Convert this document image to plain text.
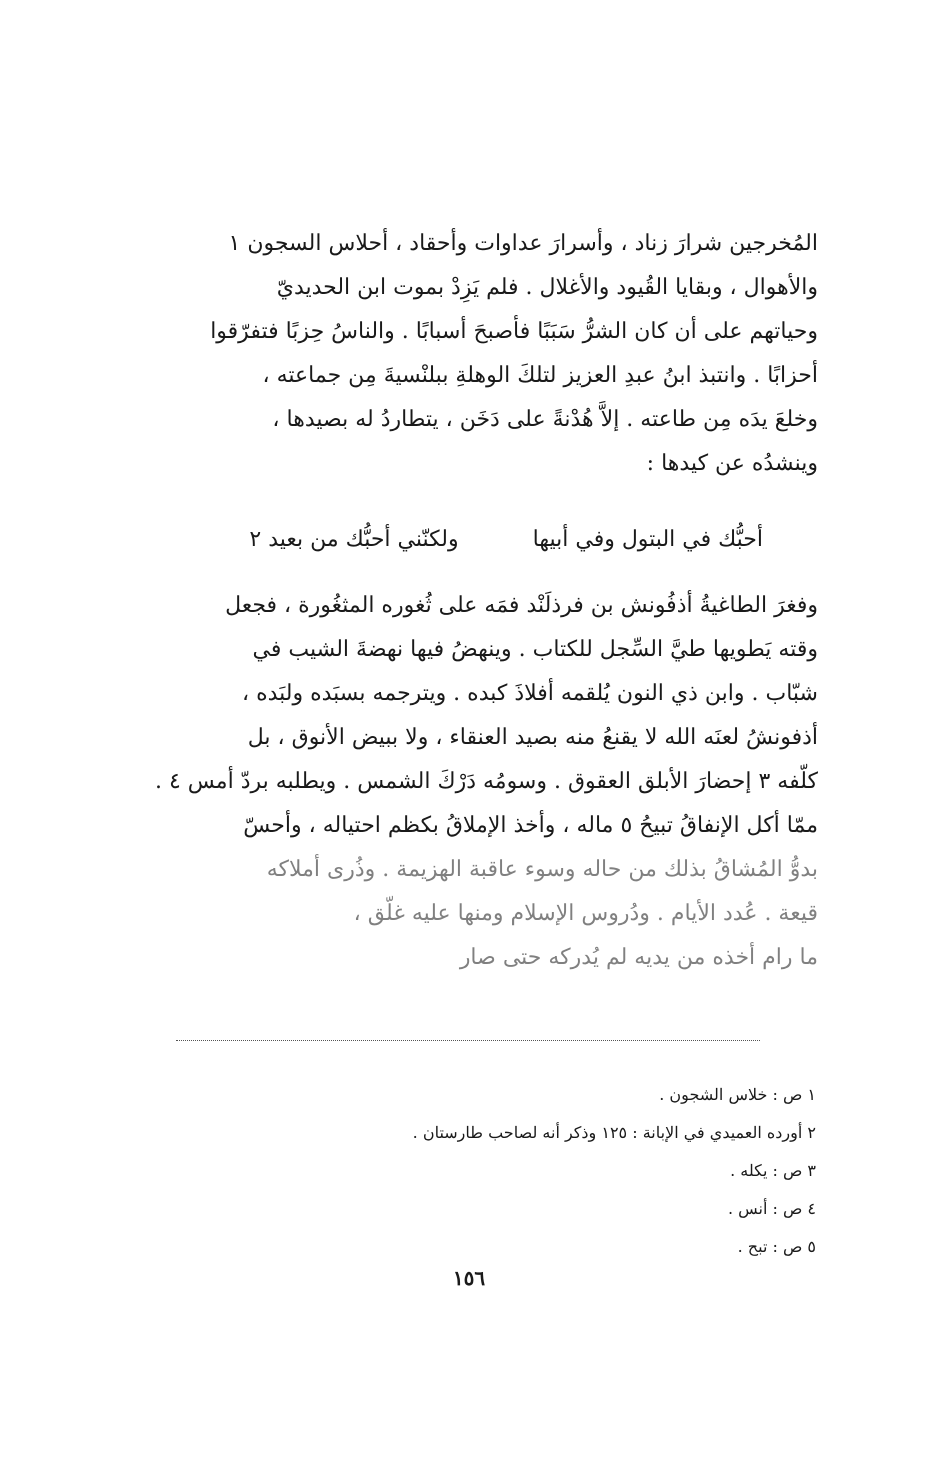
المُخرجين شرارَ زناد ، وأسرارَ عداوات وأحقاد ، أحلاس السجون ١
والأهوال ، وبقايا القُيود والأغلال . فلم يَزِدْ بموت ابن الحديديّ
وحياتهم على أن كان الشرُّ سَبَبًا فأصبحَ أسبابًا . والناسُ حِزبًا فتفرّقوا
أحزابًا . وانتبذ ابنُ عبدِ العزيز لتلكَ الوهلةِ ببلنْسيةَ مِن جماعته ،
وخلعَ يدَه مِن طاعته . إلاَّ هُدْنةً على دَخَن ، يتطاردُ له بصيدها ،
وينشدُه عن كيدها :
أحبُّك في البتول وفي أبيها  ولكنّني أحبُّك من بعيد ٢
وفغرَ الطاغيةُ أذفُونش بن فرذلَنْد فمَه على ثُغوره المثغُورة ، فجعل
وقته يَطويها طيَّ السِّجل للكتاب . وينهضُ فيها نهضةَ الشيب في
شبّاب . وابن ذي النون يُلقمه أفلاذَ كبده . ويترجمه بسبَده ولبَده ،
أذفونشُ لعنَه الله لا يقنعُ منه بصيد العنقاء ، ولا ببيض الأنوق ، بل
كلّفه ٣ إحضارَ الأبلق العقوق . وسومُه دَرْكَ الشمس . ويطلبه بردّ أمس ٤ .
ممّا أكل الإنفاقُ تبيحُ ٥ ماله ، وأخذ الإملاقُ بكظم احتياله ، وأحسّ
بدوُّ المُشاقُ بذلك من حاله وسوء عاقبة الهزيمة . وذُرى أملاكه
قيعة . عُدد الأيام . ودُروس الإسلام ومنها عليه غلّق ،
ما رام أخذه من يديه لم يُدركه حتى صار
١ ص : خلاس الشجون .
٢ أورده العميدي في الإبانة : ١٢٥ وذكر أنه لصاحب طارستان .
٣ ص : يكله .
٤ ص : أنس .
٥ ص : تبح .
١٥٦
